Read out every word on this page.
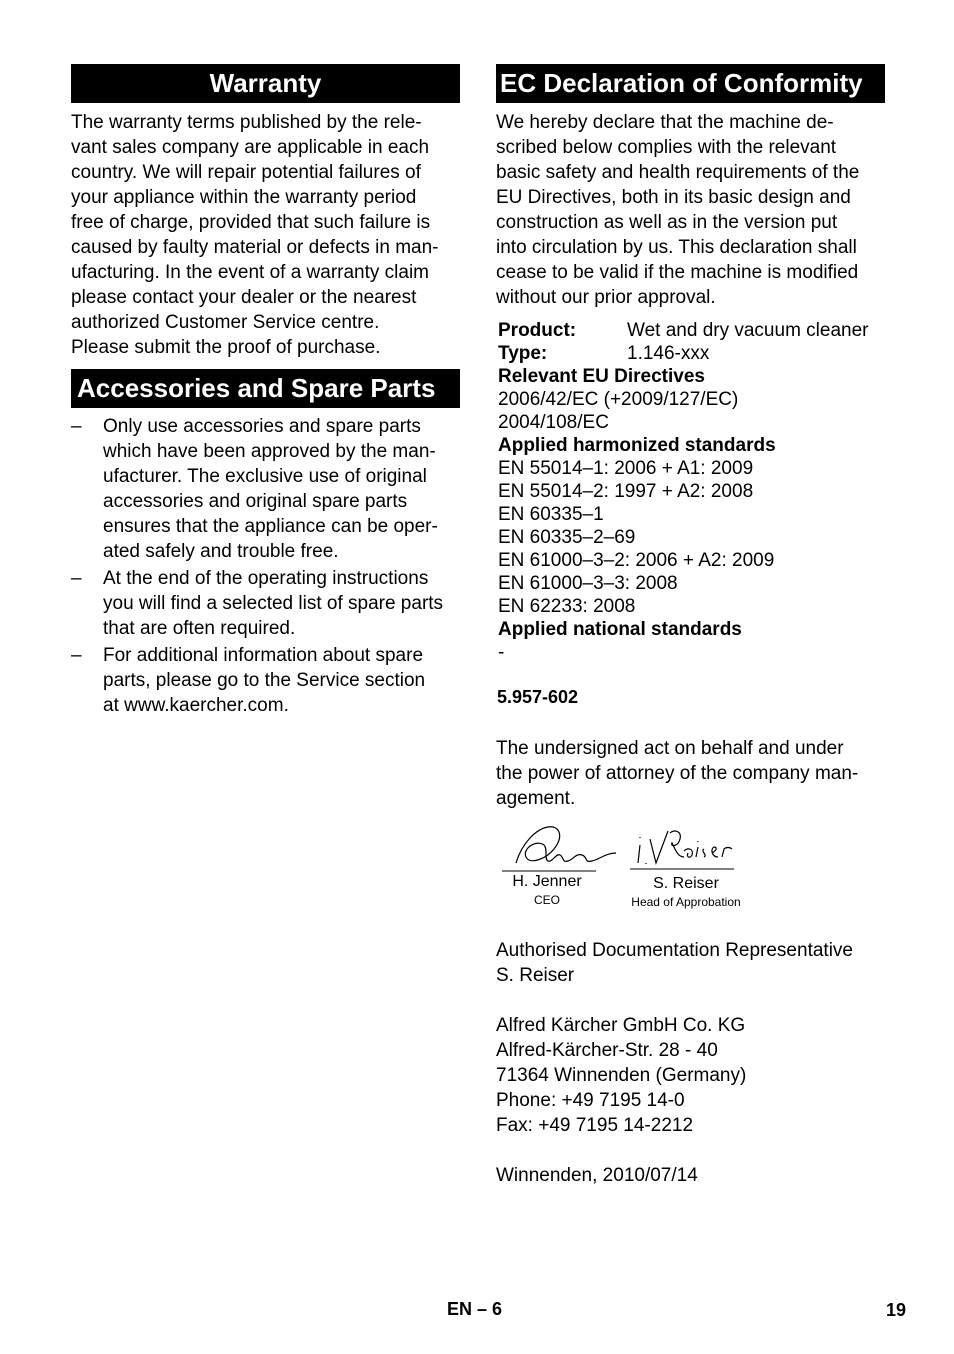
Warranty

The warranty terms published by the rele-
vant sales company are applicable in each
country. We will repair potential failures of
your appliance within the warranty period
free of charge, provided that such failure is
caused by faulty material or defects in man-
ufacturing. In the event of a warranty claim
please contact your dealer or the nearest
authorized Customer Service centre.
Please submit the proof of purchase.

Accessories and Spare Parts
– Only use accessories and spare parts
which have been approved by the man-
ufacturer. The exclusive use of original
accessories and original spare parts
ensures that the appliance can be oper-
ated safely and trouble free.

– At the end of the operating instructions
you will find a selected list of spare parts
that are often required.

– For additional information about spare
parts, please go to the Service section
at www.kaercher.com.

EC Declaration of Conformity

We hereby declare that the machine de-
scribed below complies with the relevant
basic safety and health requirements of the
EU Directives, both in its basic design and
construction as well as in the version put
into circulation by us. This declaration shall
cease to be valid if the machine is modified
without our prior approval.

Product:	Wet and dry vacuum cleaner
Type:	1.146-xxx
Relevant EU Directives
2006/42/EC (+2009/127/EC)
2004/108/EC
Applied harmonized standards
EN 55014–1: 2006 + A1: 2009
EN 55014–2: 1997 + A2: 2008
EN 60335–1
EN 60335–2–69
EN 61000–3–2: 2006 + A2: 2009
EN 61000–3–3: 2008
EN 62233: 2008
Applied national standards
-
5.957-602

The undersigned act on behalf and under
the power of attorney of the company man-
agement.

H. Jenner
CEO
S. Reiser
Head of Approbation

Authorised Documentation Representative
S. Reiser

Alfred Kärcher GmbH Co. KG
Alfred-Kärcher-Str. 28 - 40
71364 Winnenden (Germany)
Phone: +49 7195 14-0
Fax: +49 7195 14-2212

Winnenden, 2010/07/14

EN – 6	19
